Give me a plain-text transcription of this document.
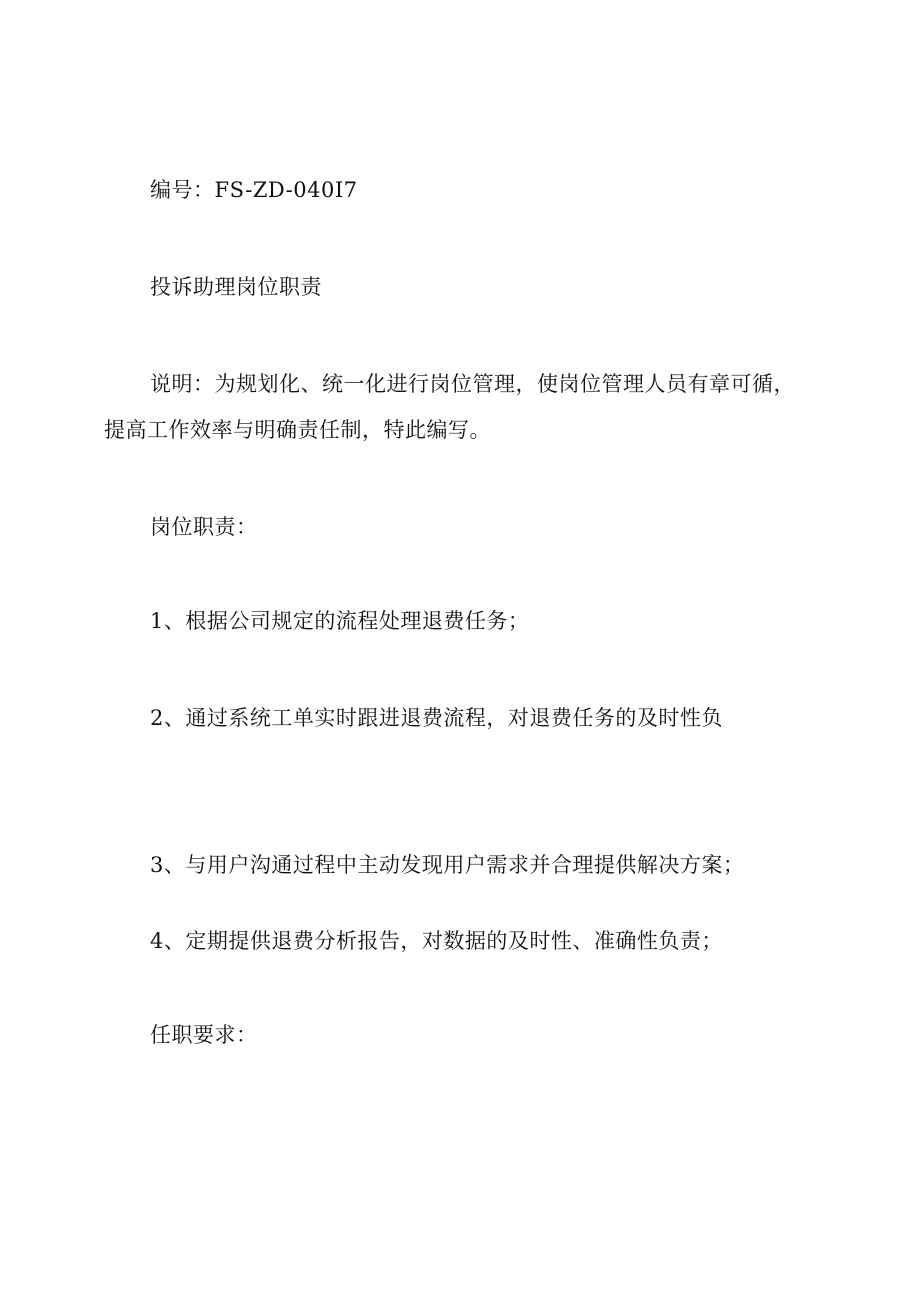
编号：FS-ZD-040I7
投诉助理岗位职责
说明：为规划化、统一化进行岗位管理，使岗位管理人员有章可循，
提高工作效率与明确责任制，特此编写。
岗位职责：
1、根据公司规定的流程处理退费任务；
2、通过系统工单实时跟进退费流程，对退费任务的及时性负
3、与用户沟通过程中主动发现用户需求并合理提供解决方案；
4、定期提供退费分析报告，对数据的及时性、准确性负责；
任职要求：
